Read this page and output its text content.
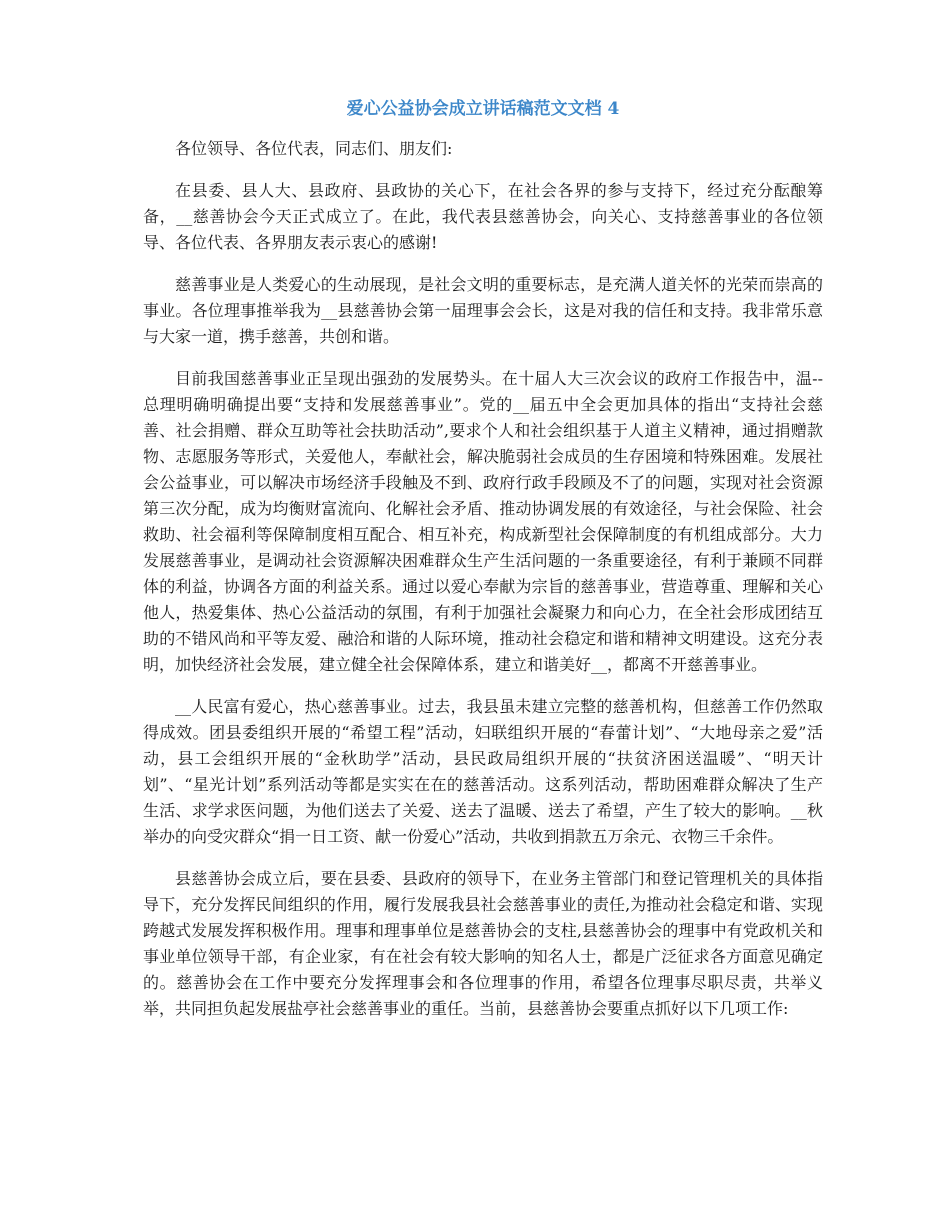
爱心公益协会成立讲话稿范文文档 4

各位领导、各位代表，同志们、朋友们:

在县委、县人大、县政府、县政协的关心下，在社会各界的参与支持下，经过充分酝酿筹备，__慈善协会今天正式成立了。在此，我代表县慈善协会，向关心、支持慈善事业的各位领导、各位代表、各界朋友表示衷心的感谢!

慈善事业是人类爱心的生动展现，是社会文明的重要标志，是充满人道关怀的光荣而崇高的事业。各位理事推举我为__县慈善协会第一届理事会会长，这是对我的信任和支持。我非常乐意与大家一道，携手慈善，共创和谐。

目前我国慈善事业正呈现出强劲的发展势头。在十届人大三次会议的政府工作报告中，温--总理明确明确提出要“支持和发展慈善事业”。党的__届五中全会更加具体的指出“支持社会慈善、社会捐赠、群众互助等社会扶助活动”,要求个人和社会组织基于人道主义精神，通过捐赠款物、志愿服务等形式，关爱他人，奉献社会，解决脆弱社会成员的生存困境和特殊困难。发展社会公益事业，可以解决市场经济手段触及不到、政府行政手段顾及不了的问题，实现对社会资源第三次分配，成为均衡财富流向、化解社会矛盾、推动协调发展的有效途径，与社会保险、社会救助、社会福利等保障制度相互配合、相互补充，构成新型社会保障制度的有机组成部分。大力发展慈善事业，是调动社会资源解决困难群众生产生活问题的一条重要途径，有利于兼顾不同群体的利益，协调各方面的利益关系。通过以爱心奉献为宗旨的慈善事业，营造尊重、理解和关心他人，热爱集体、热心公益活动的氛围，有利于加强社会凝聚力和向心力，在全社会形成团结互助的不错风尚和平等友爱、融洽和谐的人际环境，推动社会稳定和谐和精神文明建设。这充分表明，加快经济社会发展，建立健全社会保障体系，建立和谐美好__，都离不开慈善事业。

__人民富有爱心，热心慈善事业。过去，我县虽未建立完整的慈善机构，但慈善工作仍然取得成效。团县委组织开展的“希望工程”活动，妇联组织开展的“春蕾计划”、“大地母亲之爱”活动，县工会组织开展的“金秋助学”活动，县民政局组织开展的“扶贫济困送温暖”、“明天计划”、“星光计划”系列活动等都是实实在在的慈善活动。这系列活动，帮助困难群众解决了生产生活、求学求医问题，为他们送去了关爱、送去了温暖、送去了希望，产生了较大的影响。__秋举办的向受灾群众“捐一日工资、献一份爱心”活动，共收到捐款五万余元、衣物三千余件。

县慈善协会成立后，要在县委、县政府的领导下，在业务主管部门和登记管理机关的具体指导下，充分发挥民间组织的作用，履行发展我县社会慈善事业的责任,为推动社会稳定和谐、实现跨越式发展发挥积极作用。理事和理事单位是慈善协会的支柱,县慈善协会的理事中有党政机关和事业单位领导干部，有企业家，有在社会有较大影响的知名人士，都是广泛征求各方面意见确定的。慈善协会在工作中要充分发挥理事会和各位理事的作用，希望各位理事尽职尽责，共举义举，共同担负起发展盐亭社会慈善事业的重任。当前，县慈善协会要重点抓好以下几项工作:
